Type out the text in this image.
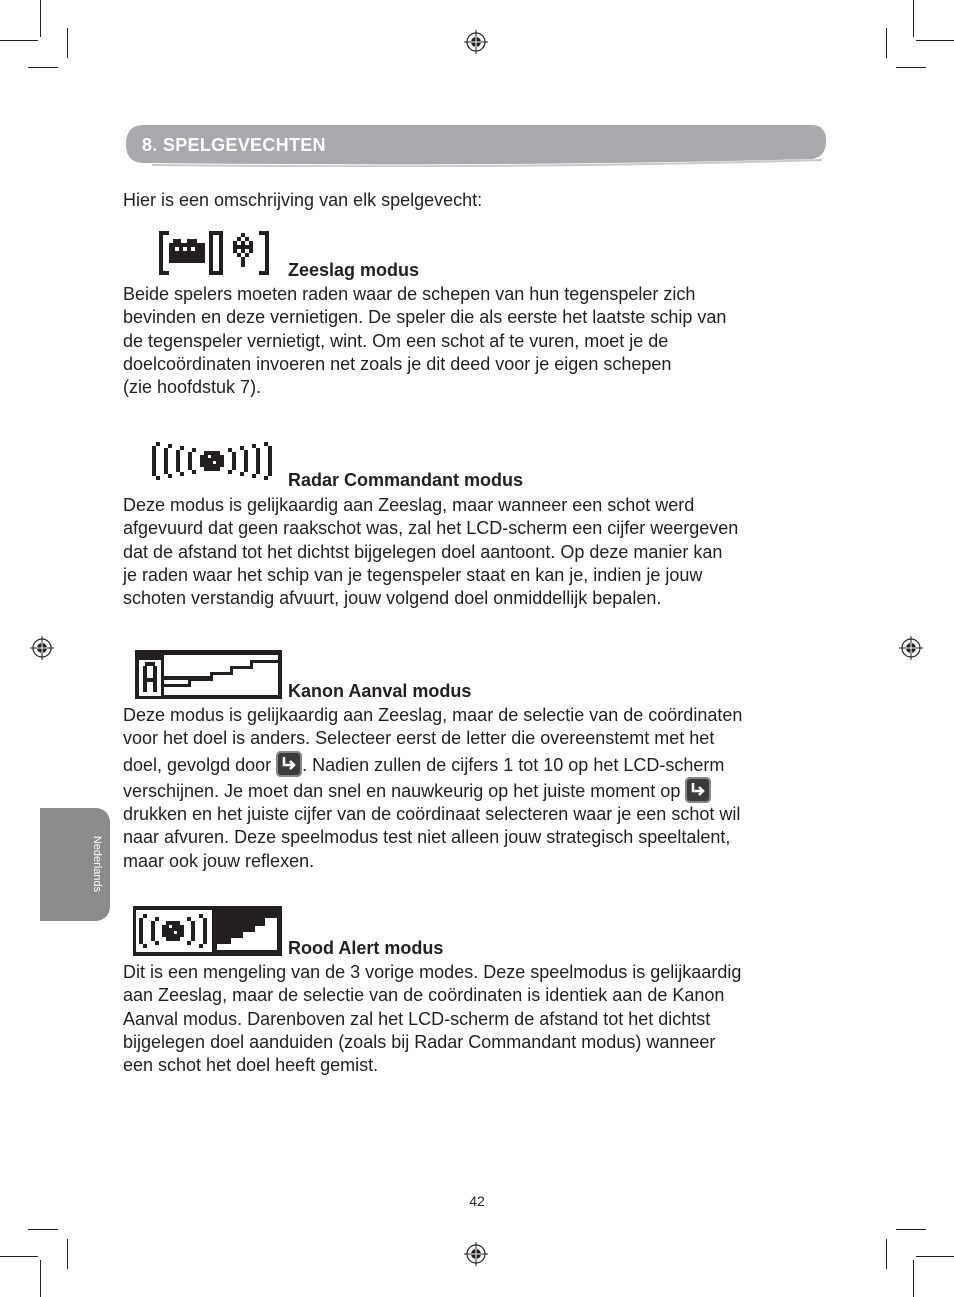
8. SPELGEVECHTEN
Hier is een omschrijving van elk spelgevecht:
Zeeslag modus
Beide spelers moeten raden waar de schepen van hun tegenspeler zich
bevinden en deze vernietigen. De speler die als eerste het laatste schip van
de tegenspeler vernietigt, wint. Om een schot af te vuren, moet je de
doelcoördinaten invoeren net zoals je dit deed voor je eigen schepen
(zie hoofdstuk 7).
Radar Commandant modus
Deze modus is gelijkaardig aan Zeeslag, maar wanneer een schot werd
afgevuurd dat geen raakschot was, zal het LCD-scherm een cijfer weergeven
dat de afstand tot het dichtst bijgelegen doel aantoont. Op deze manier kan
je raden waar het schip van je tegenspeler staat en kan je, indien je jouw
schoten verstandig afvuurt, jouw volgend doel onmiddellijk bepalen.
Kanon Aanval modus
Deze modus is gelijkaardig aan Zeeslag, maar de selectie van de coördinaten
voor het doel is anders. Selecteer eerst de letter die overeenstemt met het
doel, gevolgd door . Nadien zullen de cijfers 1 tot 10 op het LCD-scherm
verschijnen. Je moet dan snel en nauwkeurig op het juiste moment op
drukken en het juiste cijfer van de coördinaat selecteren waar je een schot wil
naar afvuren. Deze speelmodus test niet alleen jouw strategisch speeltalent,
maar ook jouw reflexen.
Nederlands
Rood Alert modus
Dit is een mengeling van de 3 vorige modes. Deze speelmodus is gelijkaardig
aan Zeeslag, maar de selectie van de coördinaten is identiek aan de Kanon
Aanval modus. Darenboven zal het LCD-scherm de afstand tot het dichtst
bijgelegen doel aanduiden (zoals bij Radar Commandant modus) wanneer
een schot het doel heeft gemist.
42
